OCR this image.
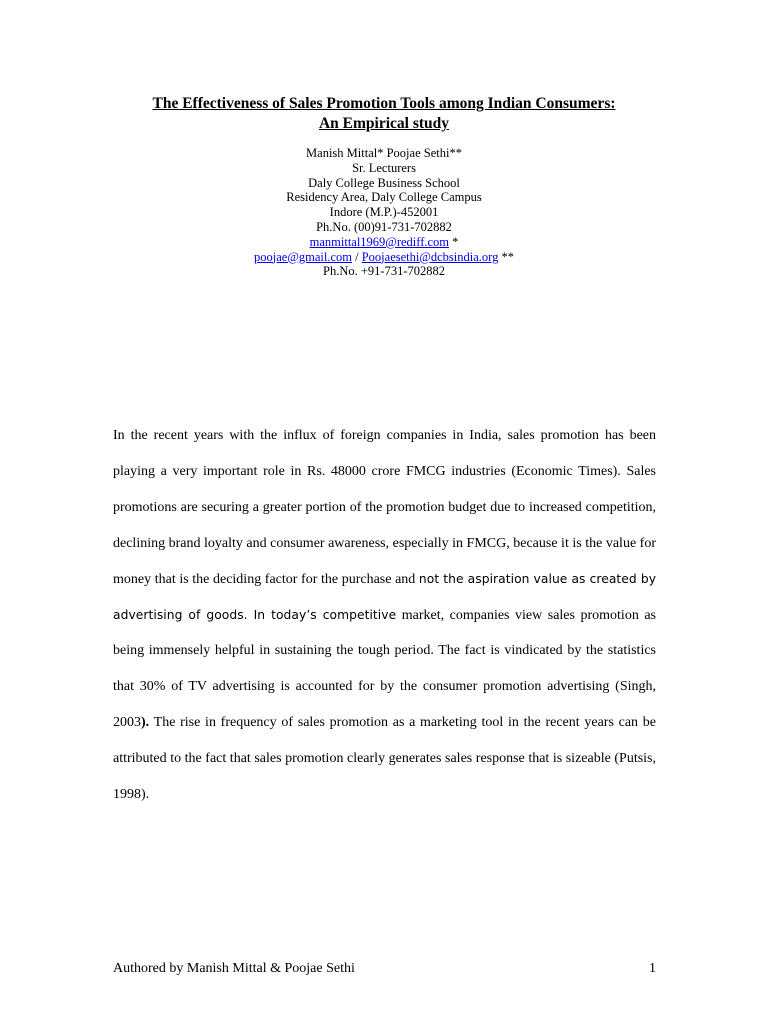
The Effectiveness of Sales Promotion Tools among Indian Consumers:
An Empirical study
Manish Mittal* Poojae Sethi**
Sr. Lecturers
Daly College Business School
Residency Area, Daly College Campus
Indore (M.P.)-452001
Ph.No. (00)91-731-702882
manmittal1969@rediff.com *
poojae@gmail.com / Poojaesethi@dcbsindia.org **
Ph.No. +91-731-702882

In the recent years with the influx of foreign companies in India, sales promotion has been playing a very important role in Rs. 48000 crore FMCG industries (Economic Times). Sales promotions are securing a greater portion of the promotion budget due to increased competition, declining brand loyalty and consumer awareness, especially in FMCG, because it is the value for money that is the deciding factor for the purchase and not the aspiration value as created by advertising of goods. In today’s competitive market, companies view sales promotion as being immensely helpful in sustaining the tough period. The fact is vindicated by the statistics that 30% of TV advertising is accounted for by the consumer promotion advertising (Singh, 2003). The rise in frequency of sales promotion as a marketing tool in the recent years can be attributed to the fact that sales promotion clearly generates sales response that is sizeable (Putsis, 1998).

Authored by Manish Mittal & Poojae Sethi	1
